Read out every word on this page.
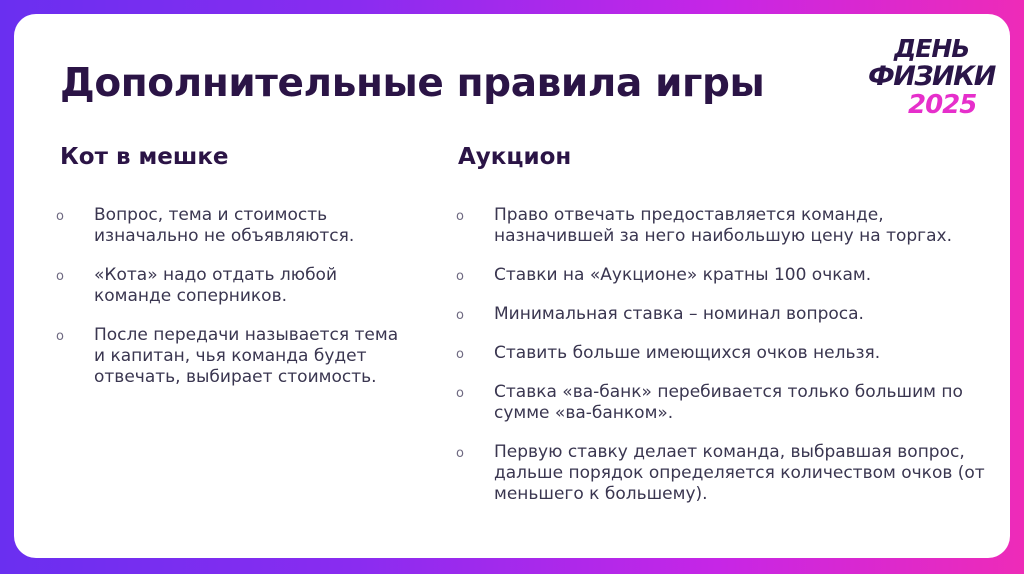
Дополнительные правила игры
ДЕНЬ
ФИЗИКИ
2025
Кот в мешке	Аукцион
o Вопрос, тема и стоимость изначально не объявляются.
o «Кота» надо отдать любой команде соперников.
o После передачи называется тема и капитан, чья команда будет отвечать, выбирает стоимость.
o Право отвечать предоставляется команде, назначившей за него наибольшую цену на торгах.
o Ставки на «Аукционе» кратны 100 очкам.
o Минимальная ставка – номинал вопроса.
o Ставить больше имеющихся очков нельзя.
o Ставка «ва-банк» перебивается только бoльшим по сумме «ва-банком».
o Первую ставку делает команда, выбравшая вопрос, дальше порядок определяется количеством очков (от меньшего к большему).
